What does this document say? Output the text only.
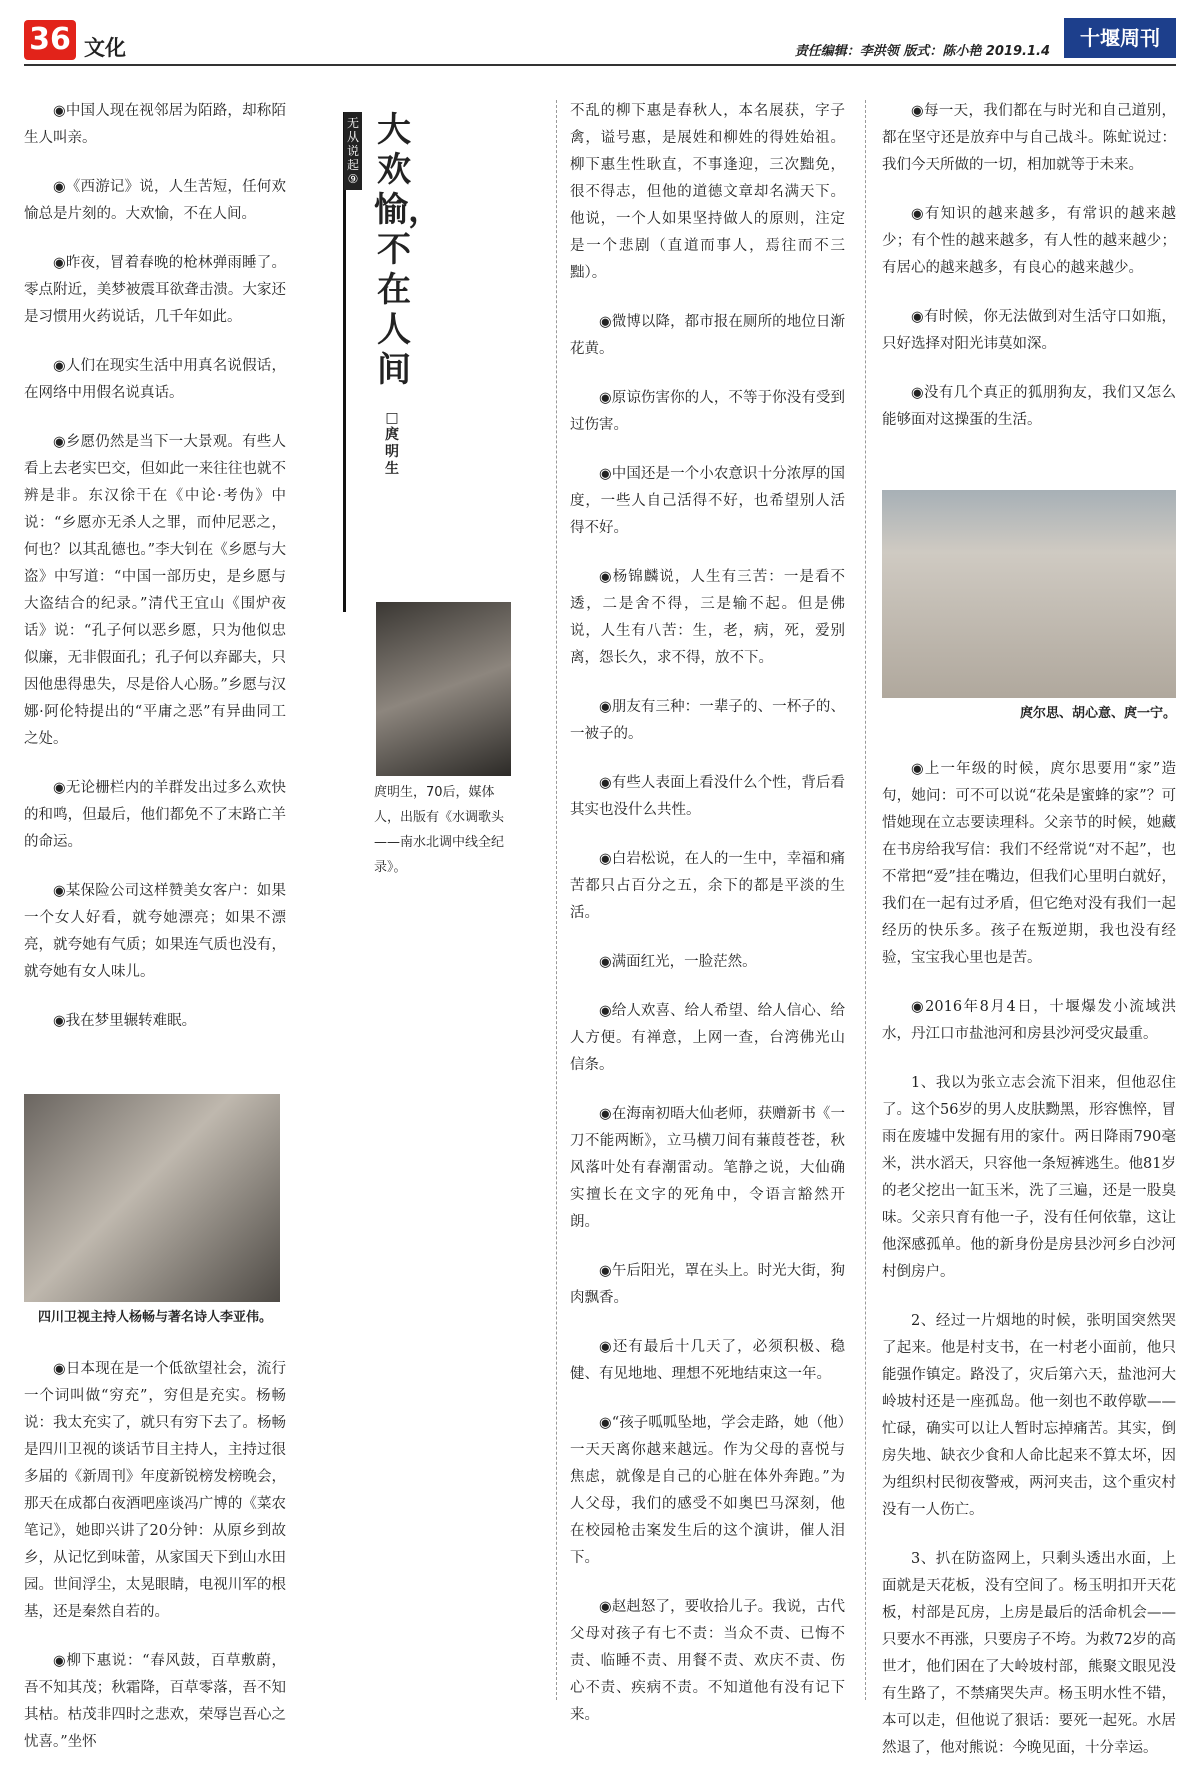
36 文化	责任编辑：李洪领 版式：陈小艳 2019.1.4
十堰周刊

◉中国人现在视邻居为陌路，却称陌生人叫亲。

◉《西游记》说，人生苦短，任何欢愉总是片刻的。大欢愉，不在人间。

◉昨夜，冒着春晚的枪林弹雨睡了。零点附近，美梦被震耳欲聋击溃。大家还是习惯用火药说话，几千年如此。

◉人们在现实生活中用真名说假话，在网络中用假名说真话。

◉乡愿仍然是当下一大景观。有些人看上去老实巴交，但如此一来往往也就不辨是非。东汉徐干在《中论·考伪》中说：“乡愿亦无杀人之罪，而仲尼恶之，何也？以其乱德也。”李大钊在《乡愿与大盗》中写道：“中国一部历史，是乡愿与大盗结合的纪录。”清代王宜山《围炉夜话》说：“孔子何以恶乡愿，只为他似忠似廉，无非假面孔；孔子何以弃鄙夫，只因他患得患失，尽是俗人心肠。”乡愿与汉娜·阿伦特提出的“平庸之恶”有异曲同工之处。

◉无论栅栏内的羊群发出过多么欢快的和鸣，但最后，他们都免不了末路亡羊的命运。

◉某保险公司这样赞美女客户：如果一个女人好看，就夸她漂亮；如果不漂亮，就夸她有气质；如果连气质也没有，就夸她有女人味儿。

◉我在梦里辗转难眠。

四川卫视主持人杨畅与著名诗人李亚伟。

◉日本现在是一个低欲望社会，流行一个词叫做“穷充”，穷但是充实。杨畅说：我太充实了，就只有穷下去了。杨畅是四川卫视的谈话节目主持人，主持过很多届的《新周刊》年度新锐榜发榜晚会，那天在成都白夜酒吧座谈冯广博的《菜农笔记》，她即兴讲了20分钟：从原乡到故乡，从记忆到味蕾，从家国天下到山水田园。世间浮尘，太晃眼睛，电视川军的根基，还是秦然自若的。

◉柳下惠说：“春风鼓，百草敷蔚，吾不知其茂；秋霜降，百草零落，吾不知其枯。枯茂非四时之悲欢，荣辱岂吾心之忧喜。”坐怀

无从说起⑨
大欢愉，
不在人间
□庹明生
庹明生，70后，媒体人，出版有《水调歌头——南水北调中线全纪录》。

不乱的柳下惠是春秋人，本名展获，字子禽，谥号惠，是展姓和柳姓的得姓始祖。柳下惠生性耿直，不事逢迎，三次黜免，很不得志，但他的道德文章却名满天下。他说，一个人如果坚持做人的原则，注定是一个悲剧（直道而事人，焉往而不三黜）。

◉微博以降，都市报在厕所的地位日渐花黄。

◉原谅伤害你的人，不等于你没有受到过伤害。

◉中国还是一个小农意识十分浓厚的国度，一些人自己活得不好，也希望别人活得不好。

◉杨锦麟说，人生有三苦：一是看不透，二是舍不得，三是输不起。但是佛说，人生有八苦：生，老，病，死，爱别离，怨长久，求不得，放不下。

◉朋友有三种：一辈子的、一杯子的、一被子的。

◉有些人表面上看没什么个性，背后看其实也没什么共性。

◉白岩松说，在人的一生中，幸福和痛苦都只占百分之五，余下的都是平淡的生活。

◉满面红光，一脸茫然。

◉给人欢喜、给人希望、给人信心、给人方便。有禅意，上网一查，台湾佛光山信条。

◉在海南初晤大仙老师，获赠新书《一刀不能两断》，立马横刀间有蒹葭苍苍，秋风落叶处有春潮雷动。笔静之说，大仙确实擅长在文字的死角中，令语言豁然开朗。

◉午后阳光，罩在头上。时光大街，狗肉飘香。

◉还有最后十几天了，必须积极、稳健、有见地地、理想不死地结束这一年。

◉“孩子呱呱坠地，学会走路，她（他）一天天离你越来越远。作为父母的喜悦与焦虑，就像是自己的心脏在体外奔跑。”为人父母，我们的感受不如奥巴马深刻，他在校园枪击案发生后的这个演讲，催人泪下。

◉赵赳怒了，要收拾儿子。我说，古代父母对孩子有七不责：当众不责、已悔不责、临睡不责、用餐不责、欢庆不责、伤心不责、疾病不责。不知道他有没有记下来。

◉每一天，我们都在与时光和自己道别，都在坚守还是放弃中与自己战斗。陈虻说过：我们今天所做的一切，相加就等于未来。

◉有知识的越来越多，有常识的越来越少；有个性的越来越多，有人性的越来越少；有居心的越来越多，有良心的越来越少。

◉有时候，你无法做到对生活守口如瓶，只好选择对阳光讳莫如深。

◉没有几个真正的狐朋狗友，我们又怎么能够面对这操蛋的生活。

庹尔思、胡心意、庹一宁。

◉上一年级的时候，庹尔思要用“家”造句，她问：可不可以说“花朵是蜜蜂的家”？可惜她现在立志要读理科。父亲节的时候，她藏在书房给我写信：我们不经常说“对不起”，也不常把“爱”挂在嘴边，但我们心里明白就好，我们在一起有过矛盾，但它绝对没有我们一起经历的快乐多。孩子在叛逆期，我也没有经验，宝宝我心里也是苦。

◉2016年8月4日，十堰爆发小流域洪水，丹江口市盐池河和房县沙河受灾最重。

1、我以为张立志会流下泪来，但他忍住了。这个56岁的男人皮肤黝黑，形容憔悴，冒雨在废墟中发掘有用的家什。两日降雨790毫米，洪水滔天，只容他一条短裤逃生。他81岁的老父挖出一缸玉米，洗了三遍，还是一股臭味。父亲只育有他一子，没有任何依靠，这让他深感孤单。他的新身份是房县沙河乡白沙河村倒房户。

2、经过一片烟地的时候，张明国突然哭了起来。他是村支书，在一村老小面前，他只能强作镇定。路没了，灾后第六天，盐池河大岭坡村还是一座孤岛。他一刻也不敢停歇——忙碌，确实可以让人暂时忘掉痛苦。其实，倒房失地、缺衣少食和人命比起来不算太坏，因为组织村民彻夜警戒，两河夹击，这个重灾村没有一人伤亡。

3、扒在防盗网上，只剩头透出水面，上面就是天花板，没有空间了。杨玉明扣开天花板，村部是瓦房，上房是最后的活命机会——只要水不再涨，只要房子不垮。为救72岁的高世才，他们困在了大岭坡村部，熊聚文眼见没有生路了，不禁痛哭失声。杨玉明水性不错，本可以走，但他说了狠话：要死一起死。水居然退了，他对熊说：今晚见面，十分幸运。
